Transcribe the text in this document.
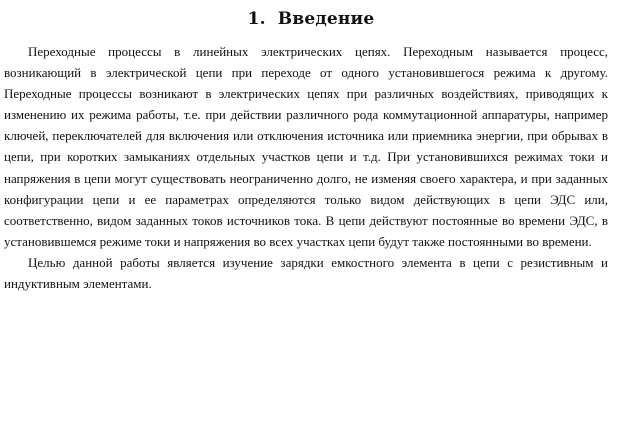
1. Введение

Переходные процессы в линейных электрических цепях. Переходным называется процесс, возникающий в электрической цепи при переходе от одного установившегося режима к другому. Переходные процессы возникают в электрических цепях при различных воздействиях, приводящих к изменению их режима работы, т.е. при действии различного рода коммутационной аппаратуры, например ключей, переключателей для включения или отключения источника или приемника энергии, при обрывах в цепи, при коротких замыканиях отдельных участков цепи и т.д. При установившихся режимах токи и напряжения в цепи могут существовать неограниченно долго, не изменяя своего характера, и при заданных конфигурации цепи и ее параметрах определяются только видом действующих в цепи ЭДС или, соответственно, видом заданных токов источников тока. В цепи действуют постоянные во времени ЭДС, в установившемся режиме токи и напряжения во всех участках цепи будут также постоянными во времени.

Целью данной работы является изучение зарядки емкостного элемента в цепи с резистивным и индуктивным элементами.
